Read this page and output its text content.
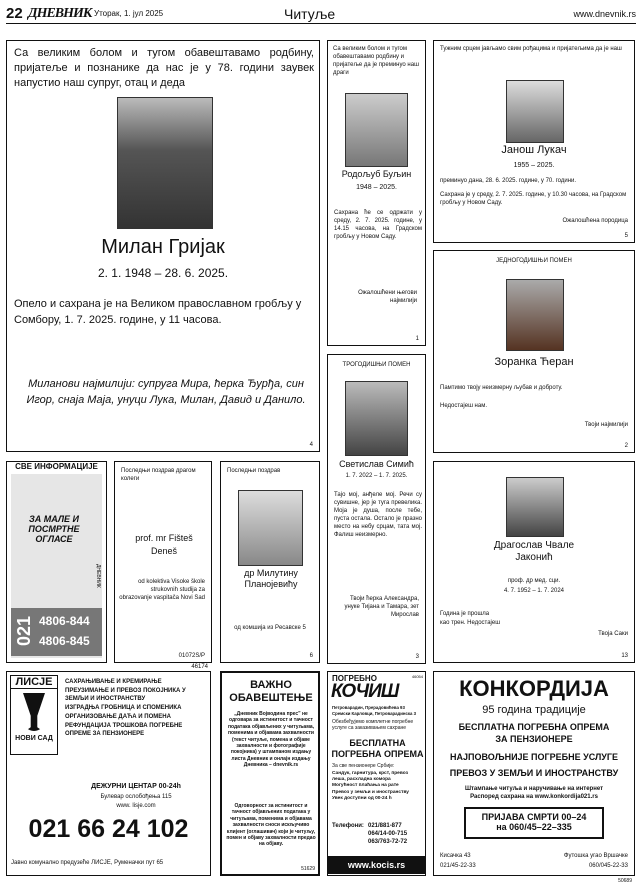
22 ДНЕВНИК Уторак, 1. јул 2025	Читуље	www.dnevnik.rs
Са великим болом и тугом обавештавамо родбину, пријатеље и познанике да нас је у 78. години заувек напустио наш супруг, отац и деда
Милан Гријак
2. 1. 1948 – 28. 6. 2025.
Опело и сахрана је на Великом православном гробљу у Сомбору, 1. 7. 2025. године, у 11 часова.
Миланови најмилији: супруга Мира, ћерка Ђурђа, син Игор, снаја Маја, унуци Лука, Милан, Давид и Данило.
4
Са великим болом и тугом обавештавамо родбину и пријатеље да је преминуо наш драги
Родољуб Буљин
1948 – 2025.
Сахрана ће се одржати у среду, 2. 7. 2025. године, у 14.15 часова, на Градском гробљу у Новом Саду.
Ожалошћени његови најмилији
1
Тужним срцем јављамо свим рођацима и пријатељима да је наш
Јанош Лукач
1955 – 2025.
преминуо дана, 28. 6. 2025. године, у 70. години.
Сахрана је у среду, 2. 7. 2025. године, у 10.30 часова, на Градском гробљу у Новом Саду.
Ожалошћена породица
5
ЈЕДНОГОДИШЊИ ПОМЕН
Зоранка Ћеран
Памтимо твоју неизмерну љубав и доброту.
Недостајеш нам.
Твоји најмилији
2
ТРОГОДИШЊИ ПОМЕН
Светислав Симић
1. 7. 2022 – 1. 7. 2025.
Тајо мој, анђеле мој. Речи су сувишне, јер је туга превелика. Моја је душа, после тебе, пуста остала. Остало је празно место на небу срцам, тата мој. Фалиш неизмерно.
Твоји ћерка Александра, унуке Тијана и Тамара, зет Мирослав
3
СВЕ ИНФОРМАЦИЈЕ
ЗА МАЛЕ И ПОСМРТНЕ ОГЛАСЕ
ДНЕВНИК
021 4806-844
4806-845
Последњи поздрав драгом колеги
prof. mr Fišteš Deneš
od kolektiva Visoke škole strukovnih studija za obrazovanje vaspitača Novi Sad
01072S/P
Последњи поздрав
др Милутину Планојевићу
од комшија из Рeсавске 5
6
Драгослав Чвале Јаконић
проф. др мед. сци.
4. 7. 1952 – 1. 7. 2024
Година је прошла
као трен. Недостајеш
Твоја Саки
13
ЛИСЈЕ
НОВИ САД
САХРАЊИВАЊЕ И КРЕМИРАЊЕ
ПРЕУЗИМАЊЕ И ПРЕВОЗ ПОКОЈНИКА У ЗЕМЉИ И ИНОСТРАНСТВУ
ИЗГРАДЊА ГРОБНИЦА И СПОМЕНИКА
ОРГАНИЗОВАЊЕ ДАЋА И ПОМЕНА
РЕФУНДАЦИЈА ТРОШКОВА ПОГРЕБНЕ ОПРЕМЕ ЗА ПЕНЗИОНЕРЕ
ДЕЖУРНИ ЦЕНТАР 00-24h
Булевар ослобођења 115
www. lisje.com
021 66 24 102
Јавно комунално предузеће ЛИСЈЕ, Руменачки пут 65
46174
ВАЖНО ОБАВЕШТЕЊЕ
„Дневник Војводина прес” не одговара за истинитост и тачност података објављених у читуљама, поменима и објавама захвалности (текст читуље, помена и објаве захвалности и фотографије покојника) у штампаном издању листа Дневник и онлајн издању Дневника – dnevnik.rs
Одговорност за истинитост и тачност објављених података у читуљама, поменима и објавама захвалности сноси искључиво клијент (оглашивач) који је читуљу, помен и објаву захвалности предао на објаву.
51629
ПОГРЕБНО
КОЧИШ
Петроварадин, Прерадовићева 93 Сремски Карловци, Петроварадинска 3
Обезбеђујемо комплетне погребне услуге са заказивањем сахране
БЕСПЛАТНА ПОГРЕБНА ОПРЕМА
За све пензионере Србије:
Сандук, гарнитура, крст, превоз лешa, расхладна комора
Могућност плаћања на рате
Превоз у земљи и иностранству
Увек доступни од 00-24 h
Телефони: 021/881-877
064/14-00-715
063/763-72-72
www.kocis.rs
46054	КОНКОРДИЈА
95 година традиције
БЕСПЛАТНА ПОГРЕБНА ОПРЕМА
ЗА ПЕНЗИОНЕРЕ
НАЈПОВОЉНИЈЕ ПОГРЕБНЕ УСЛУГЕ
ПРЕВОЗ У ЗЕМЉИ И ИНОСТРАНСТВУ
Штампање читуља и наручивање на интернет
Распоред сахрана на www.konkordija021.rs
ПРИЈАВА СМРТИ 00–24
на 060/45–22–335
Кисачка 43
021/45-22-33
Футошка угао Вршачке
060/045-22-33
50689
